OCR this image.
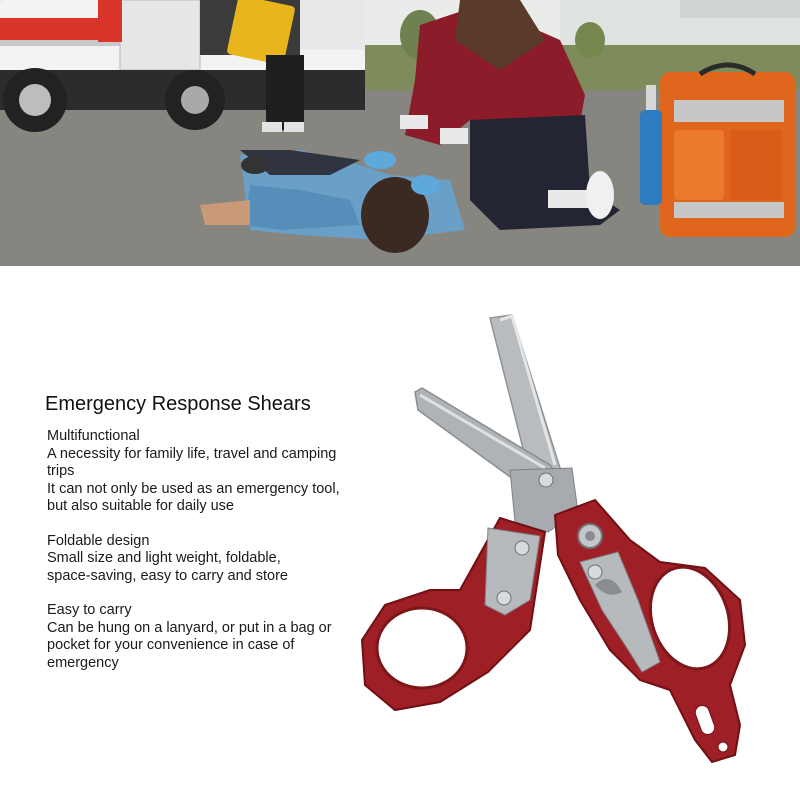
Emergency Response Shears
Multifunctional
A necessity for family life, travel and camping
trips
It can not only be used as an emergency tool,
but also suitable for daily use
Foldable design
Small size and light weight, foldable,
space-saving, easy to carry and store
Easy to carry
Can be hung on a lanyard, or put in a bag or
pocket for your convenience in case of
emergency
